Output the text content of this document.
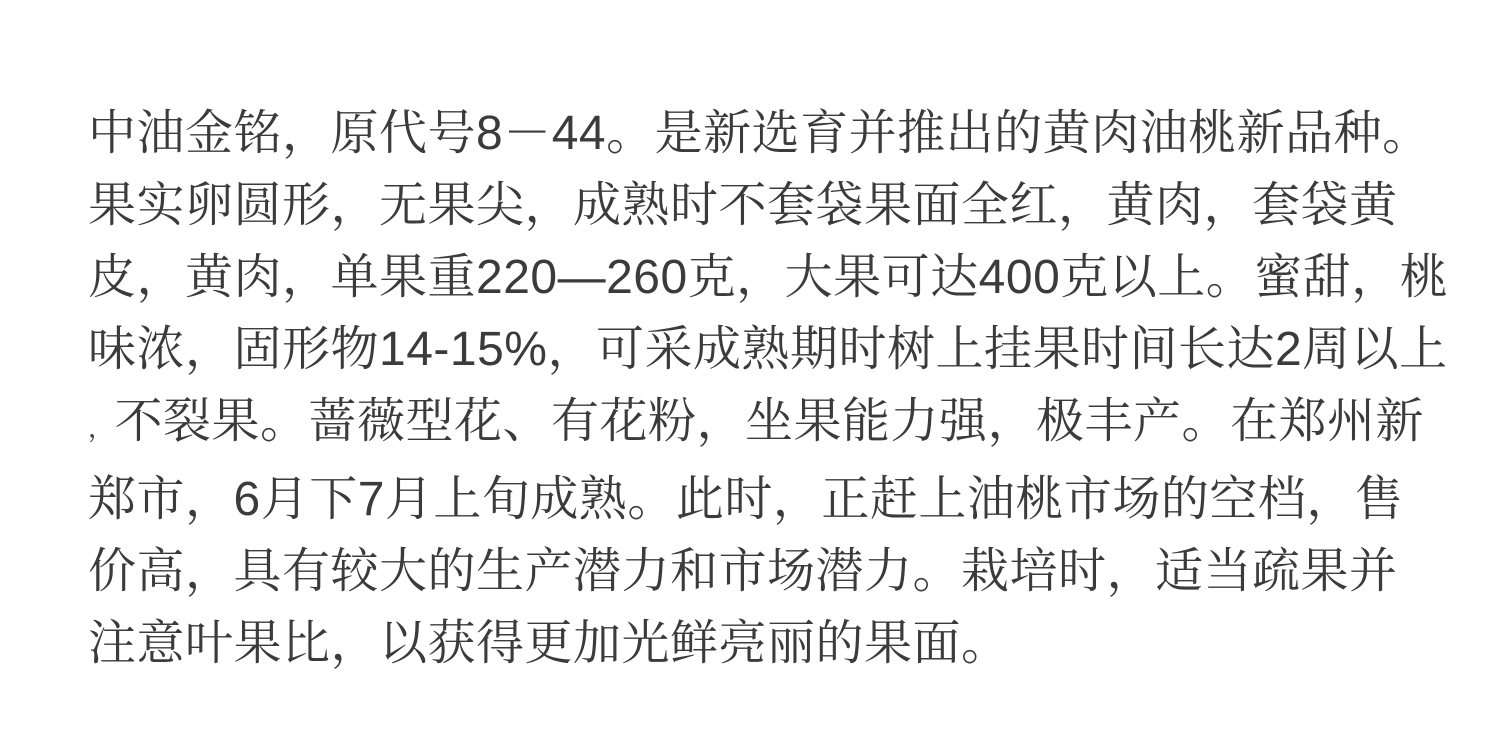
中油金铭，原代号8－44。是新选育并推出的黄肉油桃新品种。
果实卵圆形，无果尖，成熟时不套袋果面全红，黄肉，套袋黄
皮，黄肉，单果重220—260克，大果可达400克以上。蜜甜，桃
味浓，固形物14-15%，可采成熟期时树上挂果时间长达2周以上
，不裂果。蔷薇型花、有花粉，坐果能力强，极丰产。在郑州新
郑市，6月下7月上旬成熟。此时，正赶上油桃市场的空档，售
价高，具有较大的生产潜力和市场潜力。栽培时，适当疏果并
注意叶果比，以获得更加光鲜亮丽的果面。
